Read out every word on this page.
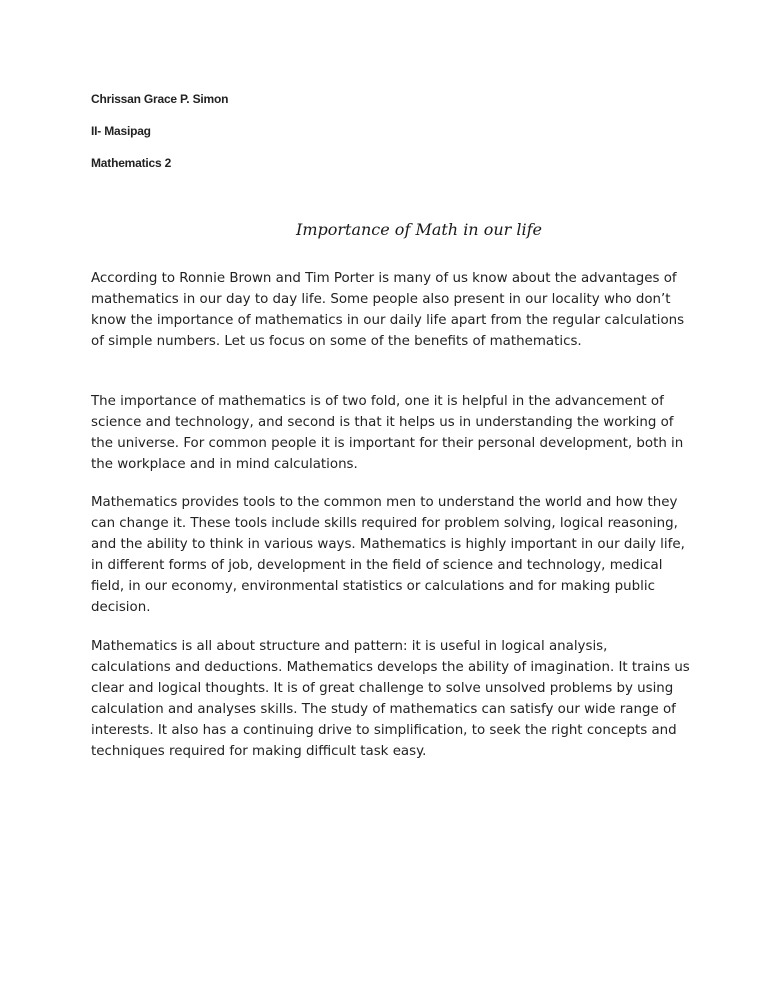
Chrissan Grace P. Simon
II- Masipag
Mathematics 2
Importance of Math in our life

According to Ronnie Brown and Tim Porter is many of us know about the advantages of mathematics in our day to day life. Some people also present in our locality who don’t know the importance of mathematics in our daily life apart from the regular calculations of simple numbers. Let us focus on some of the benefits of mathematics.

The importance of mathematics is of two fold, one it is helpful in the advancement of science and technology, and second is that it helps us in understanding the working of the universe. For common people it is important for their personal development, both in the workplace and in mind calculations.

Mathematics provides tools to the common men to understand the world and how they can change it. These tools include skills required for problem solving, logical reasoning, and the ability to think in various ways. Mathematics is highly important in our daily life, in different forms of job, development in the field of science and technology, medical field, in our economy, environmental statistics or calculations and for making public decision.

Mathematics is all about structure and pattern: it is useful in logical analysis, calculations and deductions. Mathematics develops the ability of imagination. It trains us clear and logical thoughts. It is of great challenge to solve unsolved problems by using calculation and analyses skills. The study of mathematics can satisfy our wide range of interests. It also has a continuing drive to simplification, to seek the right concepts and techniques required for making difficult task easy.
